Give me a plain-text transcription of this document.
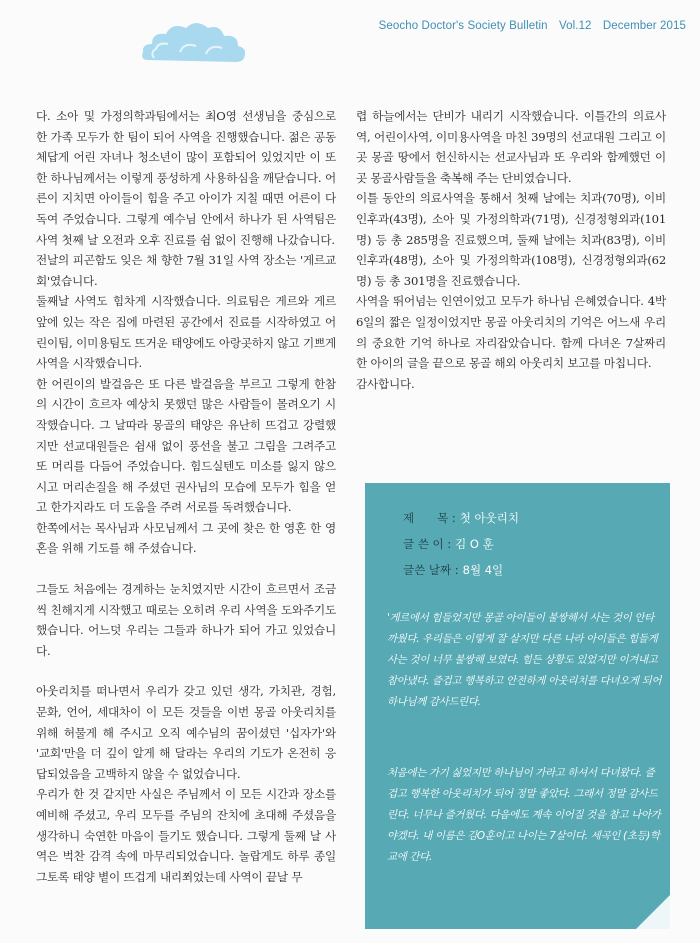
Seocho Doctor's Society Bulletin Vol.12 December 2015

다. 소아 및 가정의학과팀에서는 최O영 선생님을 중심으로 한 가족 모두가 한 팀이 되어 사역을 진행했습니다. 젊은 공동체답게 어린 자녀나 청소년이 많이 포함되어 있었지만 이 또한 하나님께서는 이렇게 풍성하게 사용하심을 깨닫습니다. 어른이 지치면 아이들이 힘을 주고 아이가 지칠 때면 어른이 다독여 주었습니다. 그렇게 예수님 안에서 하나가 된 사역팀은 사역 첫째 날 오전과 오후 진료를 쉼 없이 진행해 나갔습니다.

전날의 피곤함도 잊은 채 향한 7월 31일 사역 장소는 '게르교회'였습니다.

둘째날 사역도 힘차게 시작했습니다. 의료팀은 게르와 게르 앞에 있는 작은 집에 마련된 공간에서 진료를 시작하였고 어린이팀, 이미용팀도 뜨거운 태양에도 아랑곳하지 않고 기쁘게 사역을 시작했습니다.

한 어린이의 발걸음은 또 다른 발걸음을 부르고 그렇게 한참의 시간이 흐르자 예상치 못했던 많은 사람들이 몰려오기 시작했습니다. 그 날따라 몽골의 태양은 유난히 뜨겁고 강렬했지만 선교대원들은 쉼새 없이 풍선을 불고 그림을 그려주고 또 머리를 다듬어 주었습니다. 힘드실텐도 미소를 잃지 않으시고 머리손질을 해 주셨던 권사님의 모습에 모두가 힘을 얻고 한가지라도 더 도움을 주려 서로를 독려했습니다.

한쪽에서는 목사님과 사모님께서 그 곳에 찾은 한 영혼 한 영혼을 위해 기도를 해 주셨습니다.

그들도 처음에는 경계하는 눈치였지만 시간이 흐르면서 조금씩 친해지게 시작했고 때로는 오히려 우리 사역을 도와주기도 했습니다. 어느덧 우리는 그들과 하나가 되어 가고 있었습니다.

아웃리치를 떠나면서 우리가 갖고 있던 생각, 가치관, 경험, 문화, 언어, 세대차이 이 모든 것들을 이번 몽골 아웃리치를 위해 허물게 해 주시고 오직 예수님의 꿈이셨던 '십자가'와 '교회'만을 더 깊이 알게 해 달라는 우리의 기도가 온전히 응답되었음을 고백하지 않을 수 없었습니다.

우리가 한 것 같지만 사실은 주님께서 이 모든 시간과 장소를 예비해 주셨고, 우리 모두를 주님의 잔치에 초대해 주셨음을 생각하니 숙연한 마음이 들기도 했습니다. 그렇게 둘째 날 사역은 벅찬 감격 속에 마무리되었습니다. 놀랍게도 하루 종일 그토록 태양 볕이 뜨겁게 내리쬐었는데 사역이 끝날 무

렵 하늘에서는 단비가 내리기 시작했습니다. 이틀간의 의료사역, 어린이사역, 이미용사역을 마친 39명의 선교대원 그리고 이 곳 몽골 땅에서 헌신하시는 선교사님과 또 우리와 함께했던 이 곳 몽골사람들을 축복해 주는 단비였습니다.

이틀 동안의 의료사역을 통해서 첫째 날에는 치과(70명), 이비인후과(43명), 소아 및 가정의학과(71명), 신경정형외과(101명) 등 총 285명을 진료했으며, 둘째 날에는 치과(83명), 이비인후과(48명), 소아 및 가정의학과(108명), 신경정형외과(62명) 등 총 301명을 진료했습니다.

사역을 뛰어넘는 인연이었고 모두가 하나님 은혜였습니다. 4박 6일의 짧은 일정이었지만 몽골 아웃리치의 기억은 어느새 우리의 중요한 기억 하나로 자리잡았습니다. 함께 다녀온 7살짜리 한 아이의 글을 끝으로 몽골 해외 아웃리치 보고를 마칩니다.

감사합니다.

제　　목 : 첫 아웃리치
글 쓴 이 : 김 O 훈
글쓴 날짜 : 8월 4일
'게르에서 힘들었지만 몽골 아이들이 불쌍해서 사는 것이 안타까웠다. 우리들은 이렇게 잘 살지만 다른 나라 아이들은 힘들게 사는 것이 너무 불쌍해 보였다. 힘든 상황도 있었지만 이겨내고 참아냈다. 즐겁고 행복하고 안전하게 아웃리치를 다녀오게 되어 하나님께 감사드린다.
처음에는 가기 싫었지만 하나님이 가라고 하셔서 다녀왔다. 즐겁고 행복한 아웃리치가 되어 정말 좋았다. 그래서 정말 감사드린다. 너무나 즐거웠다. 다음에도 계속 이어질 것을 참고 나아가야겠다. 내 이름은 김O훈이고 나이는 7살이다. 세곡인 (초등)학교에 간다.
